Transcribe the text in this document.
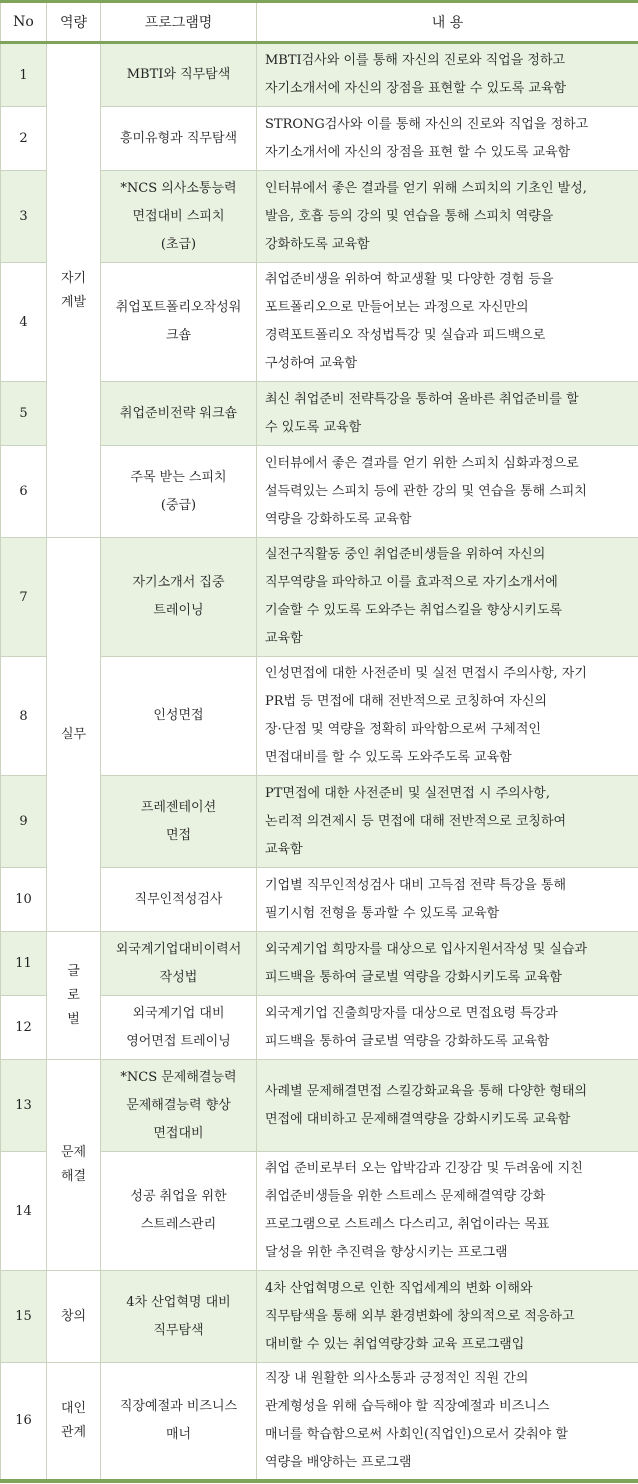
No	역량	프로그램명	내 용
1	자기
계발	MBTI와 직무탐색	MBTI검사와 이를 통해 자신의 진로와 직업을 정하고
자기소개서에 자신의 장점을 표현할 수 있도록 교육함

2		흥미유형과 직무탐색	STRONG검사와 이를 통해 자신의 진로와 직업을 정하고
자기소개서에 자신의 장점을 표현 할 수 있도록 교육함

3		*NCS 의사소통능력
면접대비 스피치
(초급)	인터뷰에서 좋은 결과를 얻기 위해 스피치의 기초인 발성,
발음, 호흡 등의 강의 및 연습을 통해 스피치 역량을
강화하도록 교육함

4		취업포트폴리오작성워
크숍	취업준비생을 위하여 학교생활 및 다양한 경험 등을
포트폴리오으로 만들어보는 과정으로 자신만의
경력포트폴리오 작성법특강 및 실습과 피드백으로
구성하여 교육함

5		취업준비전략 워크숍	최신 취업준비 전략특강을 통하여 올바른 취업준비를 할
수 있도록 교육함

6		주목 받는 스피치
(중급)	인터뷰에서 좋은 결과를 얻기 위한 스피치 심화과정으로
설득력있는 스피치 등에 관한 강의 및 연습을 통해 스피치
역량을 강화하도록 교육함

7	실무	자기소개서 집중
트레이닝	실전구직활동 중인 취업준비생들을 위하여 자신의
직무역량을 파악하고 이를 효과적으로 자기소개서에
기술할 수 있도록 도와주는 취업스킬을 향상시키도록
교육함

8		인성면접	인성면접에 대한 사전준비 및 실전 면접시 주의사항, 자기
PR법 등 면접에 대해 전반적으로 코칭하여 자신의
장·단점 및 역량을 정확히 파악함으로써 구체적인
면접대비를 할 수 있도록 도와주도록 교육함

9		프레젠테이션
면접	PT면접에 대한 사전준비 및 실전면접 시 주의사항,
논리적 의견제시 등 면접에 대해 전반적으로 코칭하여
교육함

10		직무인적성검사	기업별 직무인적성검사 대비 고득점 전략 특강을 통해
필기시험 전형을 통과할 수 있도록 교육함

11	글
로
벌	외국계기업대비이력서
작성법	외국계기업 희망자를 대상으로 입사지원서작성 및 실습과
피드백을 통하여 글로벌 역량을 강화시키도록 교육함

12		외국계기업 대비
영어면접 트레이닝	외국계기업 진출희망자를 대상으로 면접요령 특강과
피드백을 통하여 글로벌 역량을 강화하도록 교육함

13	문제
해결	*NCS 문제해결능력
문제해결능력 향상
면접대비	사례별 문제해결면접 스킬강화교육을 통해 다양한 형태의
면접에 대비하고 문제해결역량을 강화시키도록 교육함

14		성공 취업을 위한
스트레스관리	취업 준비로부터 오는 압박감과 긴장감 및 두려움에 지친
취업준비생들을 위한 스트레스 문제해결역량 강화
프로그램으로 스트레스 다스리고, 취업이라는 목표
달성을 위한 추진력을 향상시키는 프로그램

15	창의	4차 산업혁명 대비
직무탐색	4차 산업혁명으로 인한 직업세계의 변화 이해와
직무탐색을 통해 외부 환경변화에 창의적으로 적응하고
대비할 수 있는 취업역량강화 교육 프로그램입

16	대인
관계	직장예절과 비즈니스
매너	직장 내 원활한 의사소통과 긍정적인 직원 간의
관계형성을 위해 습득해야 할 직장예절과 비즈니스
매너를 학습함으로써 사회인(직업인)으로서 갖춰야 할
역량을 배양하는 프로그램
